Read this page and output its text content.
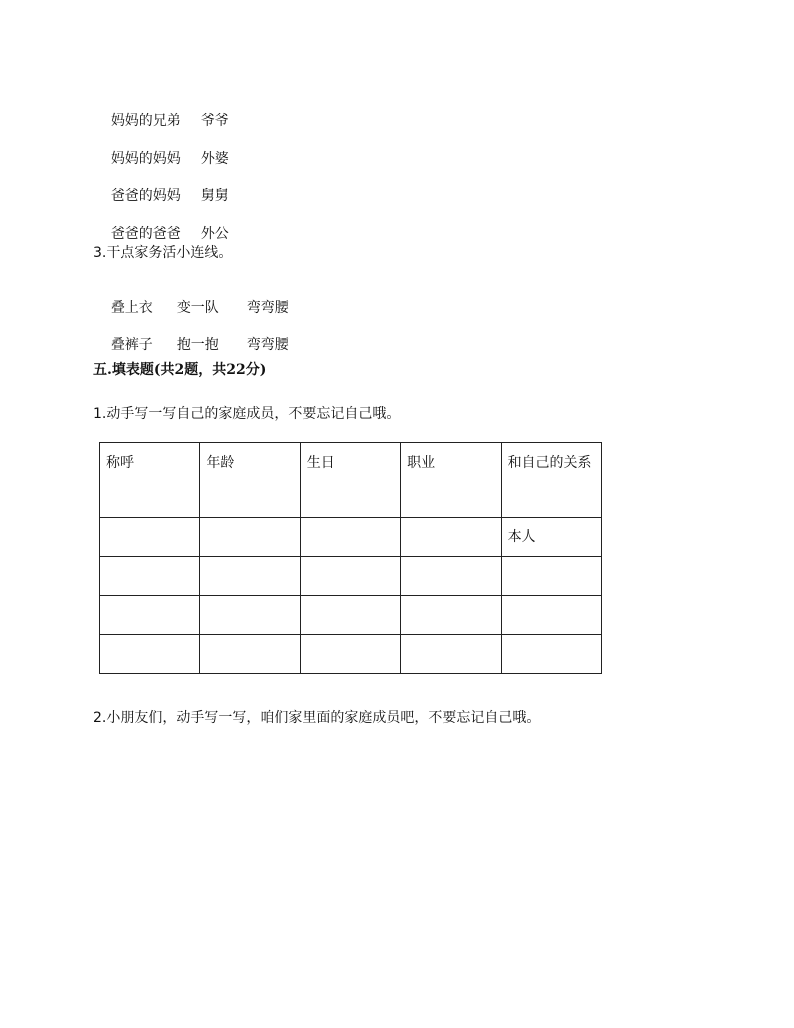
妈妈的兄弟 爷爷

妈妈的妈妈 外婆

爸爸的妈妈 舅舅

爸爸的爸爸 外公

3.干点家务活小连线。

叠上衣 变一队 弯弯腰

叠裤子 抱一抱 弯弯腰

五.填表题(共2题，共22分)
1.动手写一写自己的家庭成员，不要忘记自己哦。
称呼	年龄	生日	职业	和自己的关系
				本人

2.小朋友们，动手写一写，咱们家里面的家庭成员吧，不要忘记自己哦。
